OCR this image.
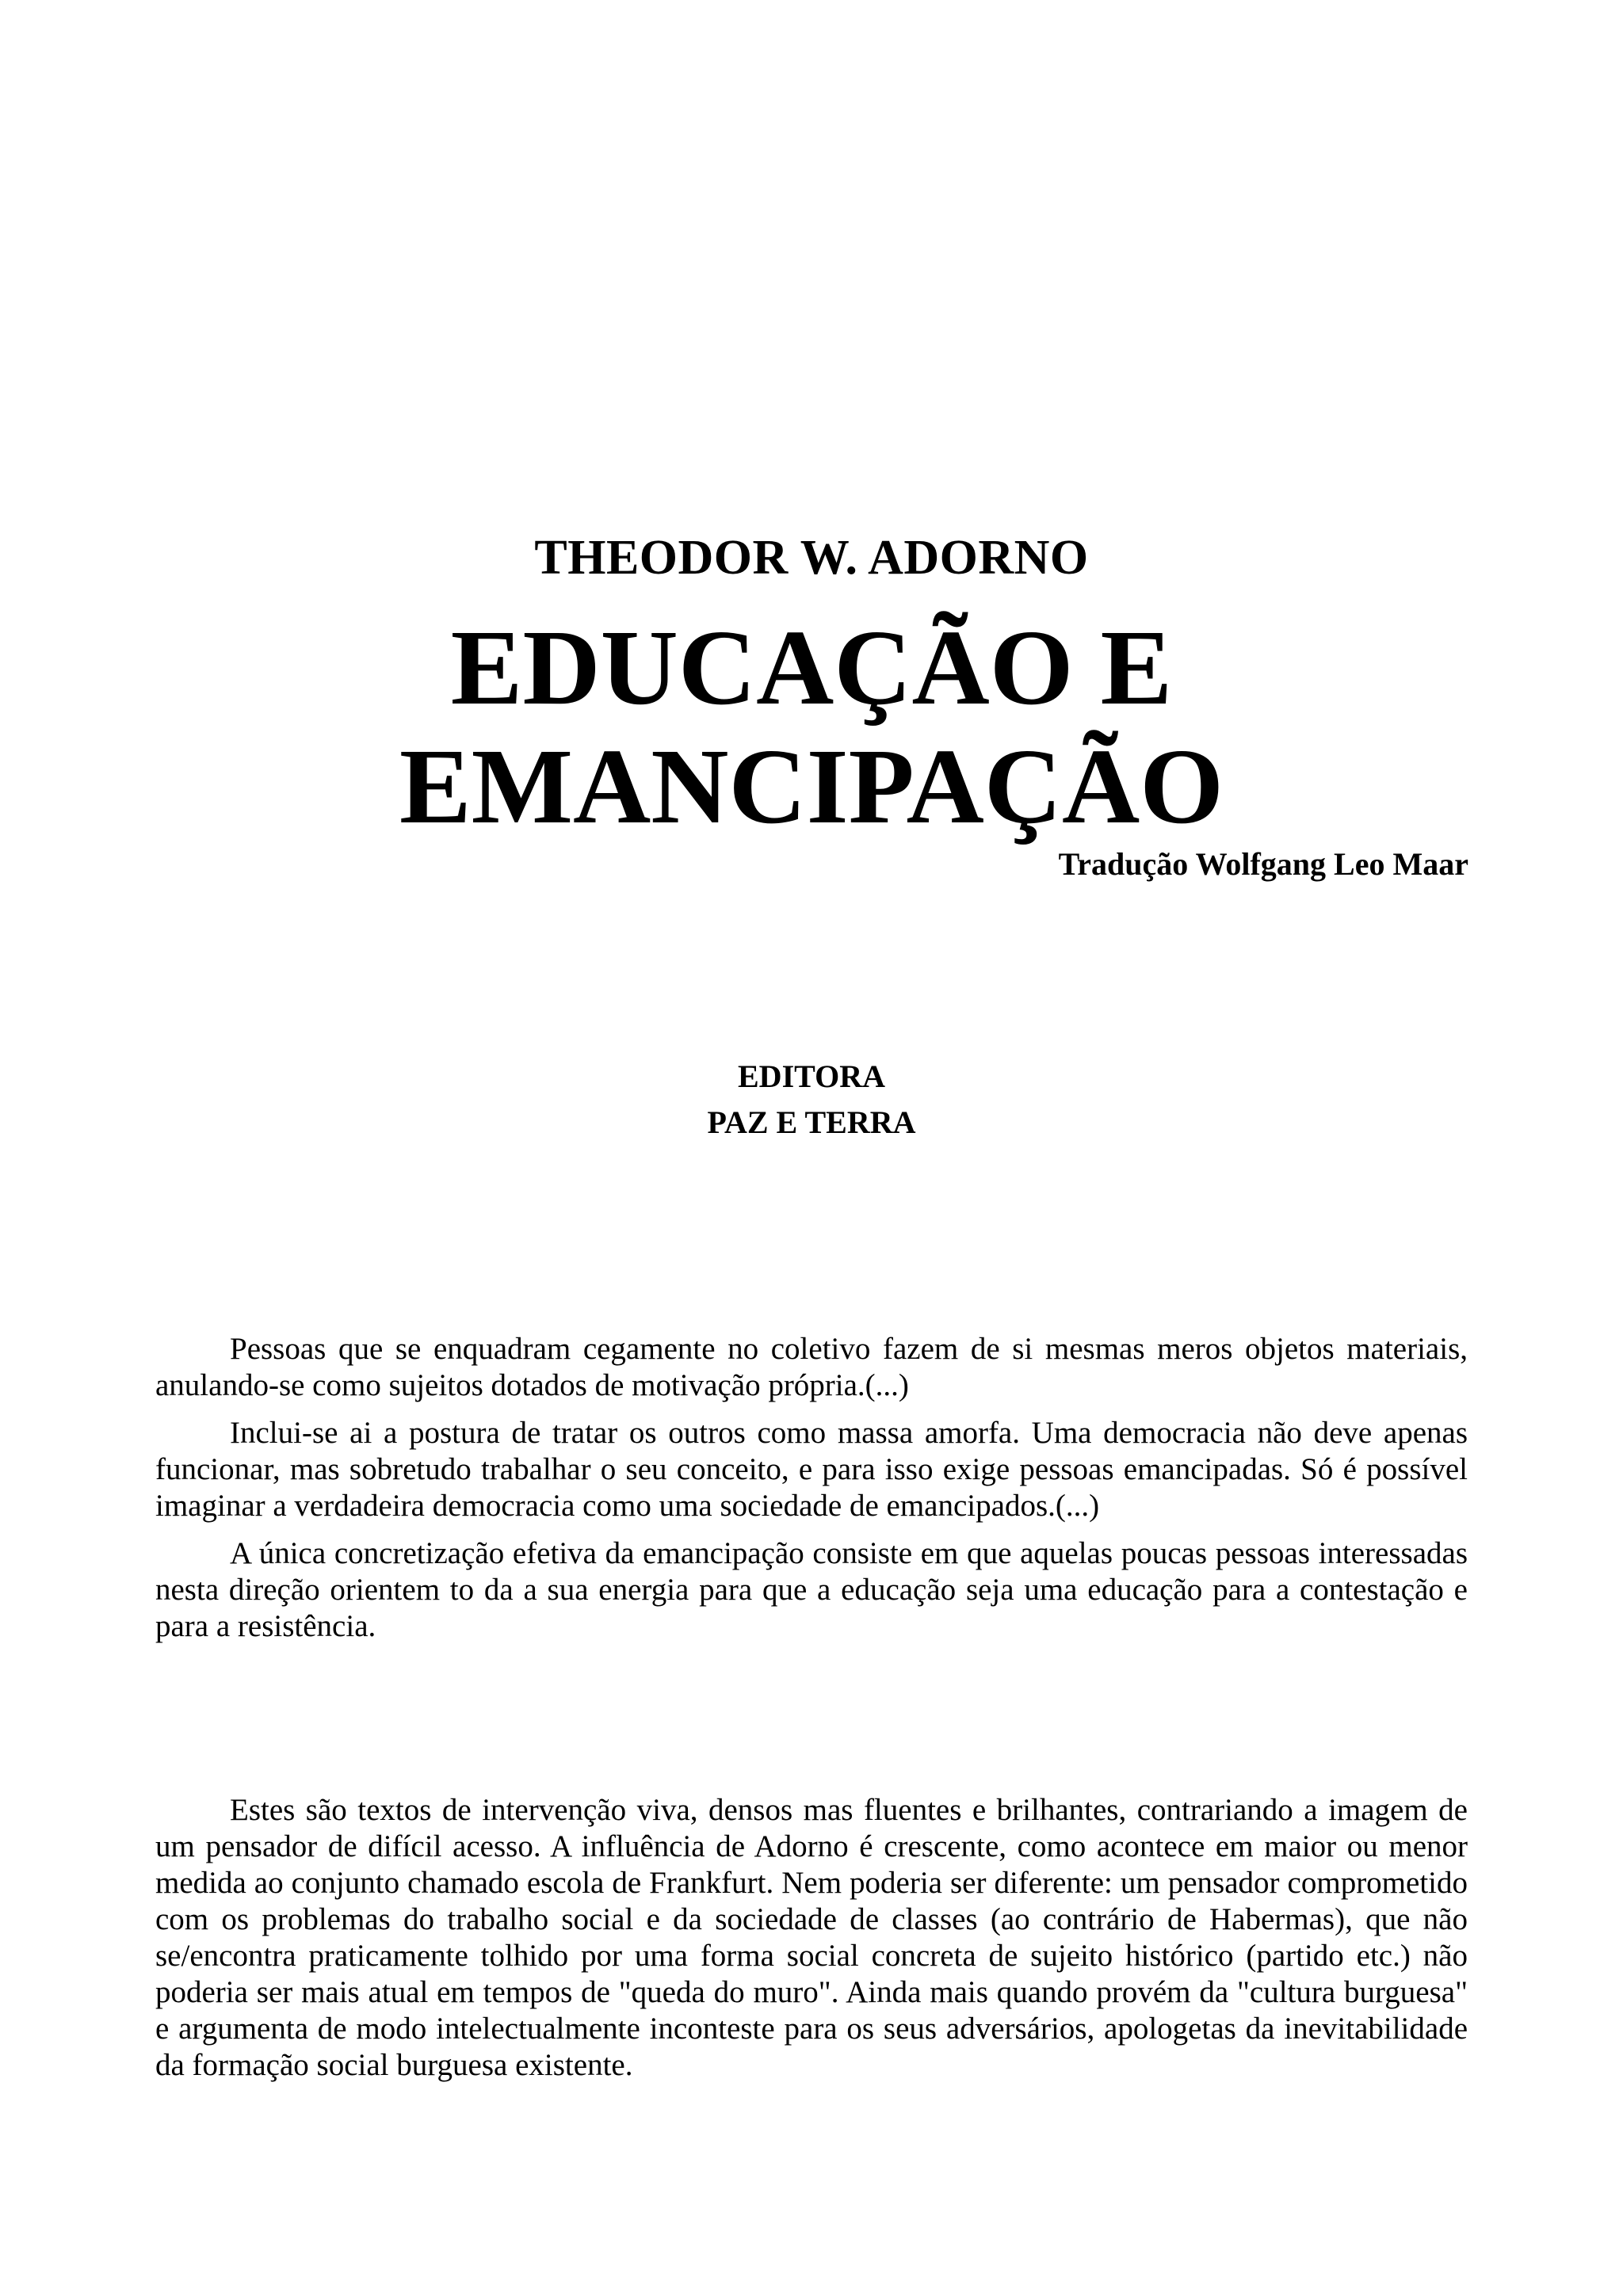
THEODOR W. ADORNO
EDUCAÇÃO E
EMANCIPAÇÃO
Tradução Wolfgang Leo Maar
EDITORA
PAZ E TERRA

Pessoas que se enquadram cegamente no coletivo fazem de si mesmas meros objetos materiais, anulando-se como sujeitos dotados de motivação própria.(...)

Inclui-se ai a postura de tratar os outros como massa amorfa. Uma democracia não deve apenas funcionar, mas sobretudo trabalhar o seu conceito, e para isso exige pessoas emancipadas. Só é possível imaginar a verdadeira democracia como uma sociedade de emancipados.(...)

A única concretização efetiva da emancipação consiste em que aquelas poucas pessoas interessadas nesta direção orientem to da a sua energia para que a educação seja uma educação para a contestação e para a resistência.

Estes são textos de intervenção viva, densos mas fluentes e brilhantes, contrariando a imagem de um pensador de difícil acesso. A influência de Adorno é crescente, como acontece em maior ou menor medida ao conjunto chamado escola de Frankfurt. Nem poderia ser diferente: um pensador comprometido com os problemas do trabalho social e da sociedade de classes (ao contrário de Habermas), que não se/encontra praticamente tolhido por uma forma social concreta de sujeito histórico (partido etc.) não poderia ser mais atual em tempos de "queda do muro". Ainda mais quando provém da "cultura burguesa" e argumenta de modo intelectualmente inconteste para os seus adversários, apologetas da inevitabilidade da formação social burguesa existente.
